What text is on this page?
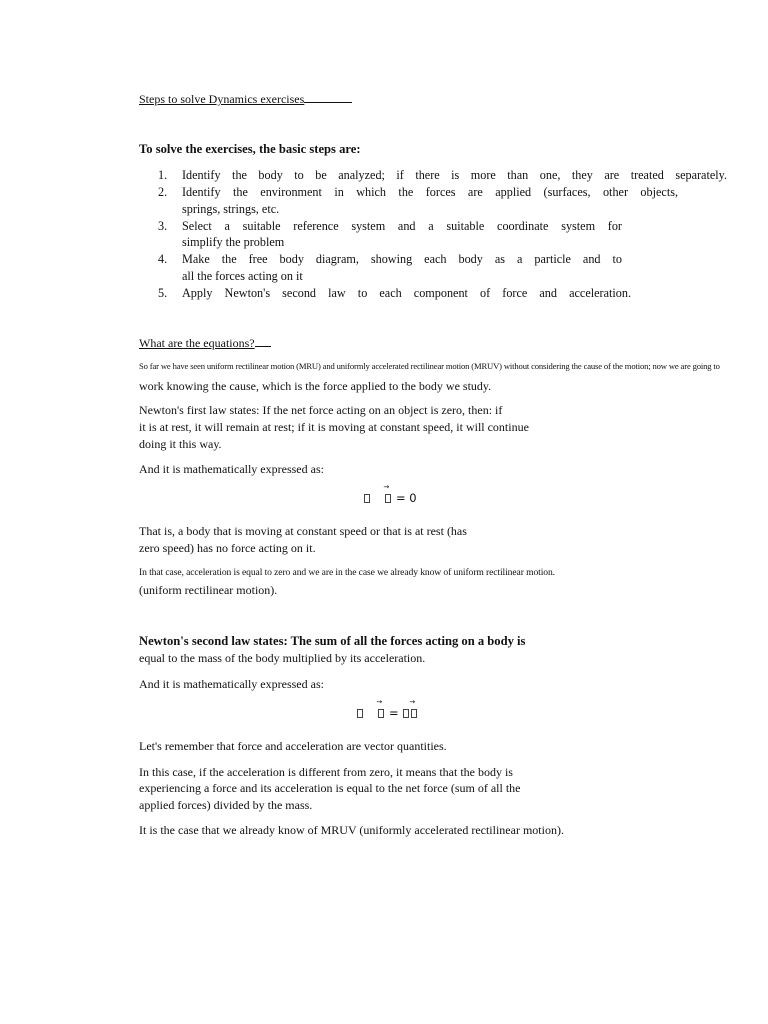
Steps to solve Dynamics exercises
To solve the exercises, the basic steps are:
1. Identify the body to be analyzed; if there is more than one, they are treated separately.
2. Identify the environment in which the forces are applied (surfaces, other objects,
springs, strings, etc.
3. Select a suitable reference system and a suitable coordinate system for
simplify the problem
4. Make the free body diagram, showing each body as a particle and to
all the forces acting on it
5. Apply Newton's second law to each component of force and acceleration.
What are the equations?
So far we have seen uniform rectilinear motion (MRU) and uniformly accelerated rectilinear motion (MRUV) without considering the cause of the motion; now we are going to
work knowing the cause, which is the force applied to the body we study.
Newton's first law states: If the net force acting on an object is zero, then: if
it is at rest, it will remain at rest; if it is moving at constant speed, it will continue
doing it this way.
And it is mathematically expressed as:

→
= 0
That is, a body that is moving at constant speed or that is at rest (has
zero speed) has no force acting on it.
In that case, acceleration is equal to zero and we are in the case we already know of uniform rectilinear motion.
(uniform rectilinear motion).
Newton's second law states: The sum of all the forces acting on a body is
equal to the mass of the body multiplied by its acceleration.
And it is mathematically expressed as:

→
=
→
Let's remember that force and acceleration are vector quantities.
In this case, if the acceleration is different from zero, it means that the body is
experiencing a force and its acceleration is equal to the net force (sum of all the
applied forces) divided by the mass.
It is the case that we already know of MRUV (uniformly accelerated rectilinear motion).
